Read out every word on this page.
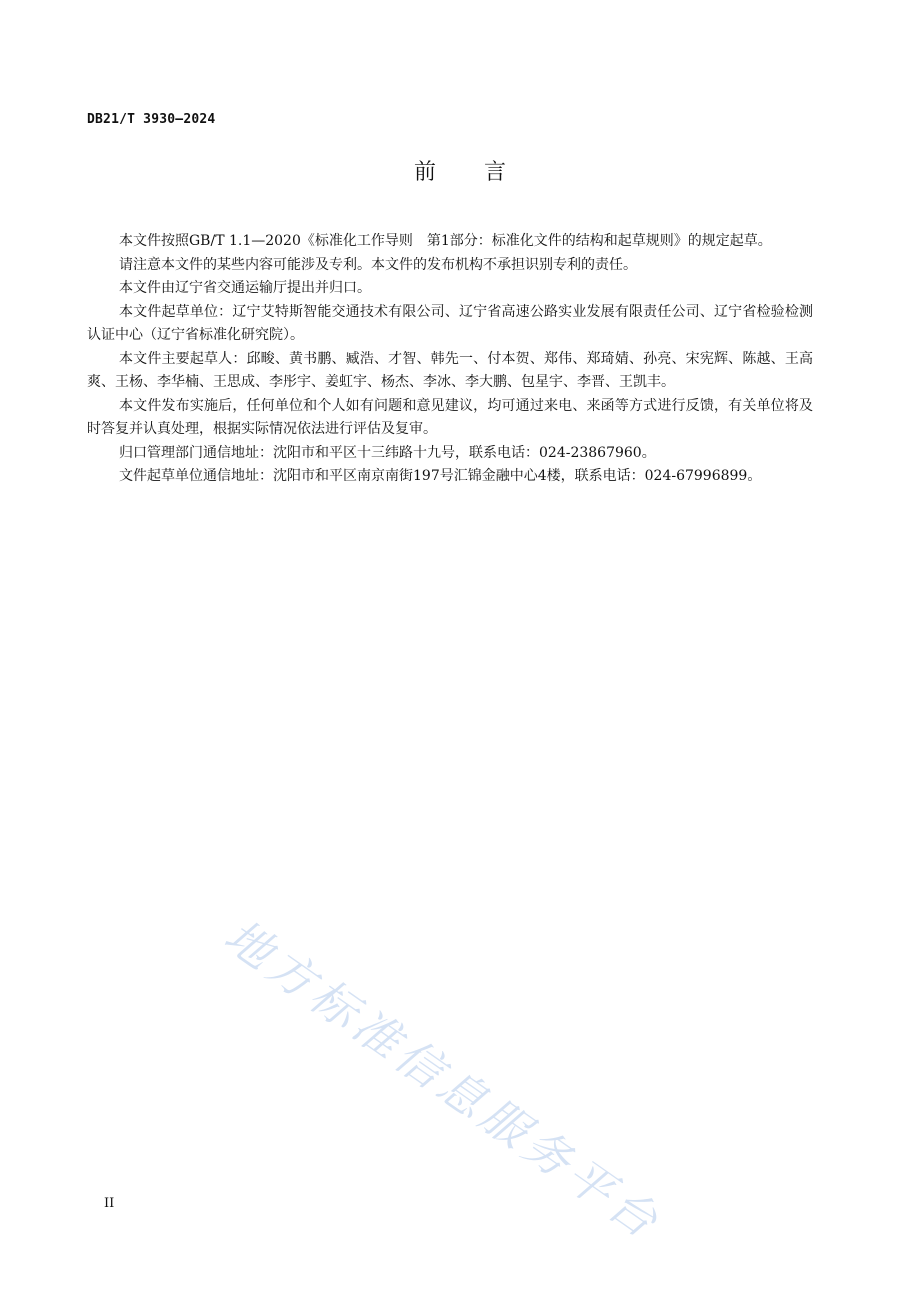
DB21/T 3930—2024
前言

本文件按照GB/T 1.1—2020《标准化工作导则　第1部分：标准化文件的结构和起草规则》的规定起草。

请注意本文件的某些内容可能涉及专利。本文件的发布机构不承担识别专利的责任。

本文件由辽宁省交通运输厅提出并归口。

本文件起草单位：辽宁艾特斯智能交通技术有限公司、辽宁省高速公路实业发展有限责任公司、辽宁省检验检测认证中心（辽宁省标准化研究院）。

本文件主要起草人：邱畯、黄书鹏、臧浩、才智、韩先一、付本贺、郑伟、郑琦婧、孙亮、宋宪辉、陈越、王高爽、王杨、李华楠、王思成、李彤宇、姜虹宇、杨杰、李冰、李大鹏、包星宇、李晋、王凯丰。

本文件发布实施后，任何单位和个人如有问题和意见建议，均可通过来电、来函等方式进行反馈，有关单位将及时答复并认真处理，根据实际情况依法进行评估及复审。

归口管理部门通信地址：沈阳市和平区十三纬路十九号，联系电话：024-23867960。

文件起草单位通信地址：沈阳市和平区南京南街197号汇锦金融中心4楼，联系电话：024-67996899。

地方标准信息服务平台
II
